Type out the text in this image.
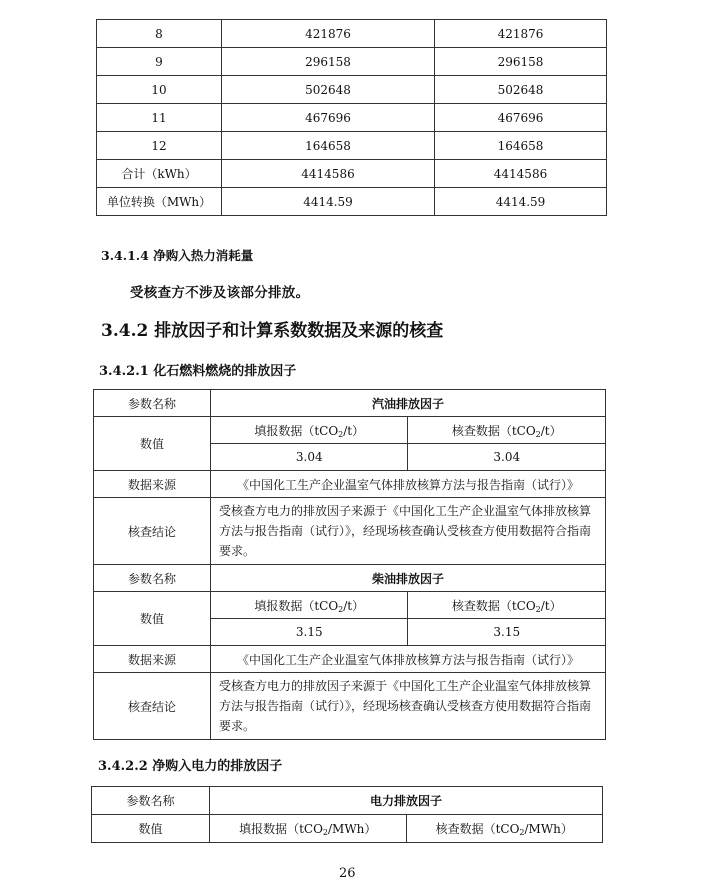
8	421876	421876
9	296158	296158
10	502648	502648
11	467696	467696
12	164658	164658
合计（kWh）	4414586	4414586
单位转换（MWh）	4414.59	4414.59
3.4.1.4 净购入热力消耗量
受核查方不涉及该部分排放。
3.4.2 排放因子和计算系数数据及来源的核查
3.4.2.1 化石燃料燃烧的排放因子
参数名称	汽油排放因子	
数值	填报数据（tCO$_2$/t）	核查数据（tCO$_2$/t）
	3.04	3.04
数据来源	《中国化工生产企业温室气体排放核算方法与报告指南（试行）》	
核查结论	受核查方电力的排放因子来源于《中国化工生产企业温室气体排放核算方法与报告指南（试行）》，经现场核查确认受核查方使用数据符合指南要求。	
参数名称	柴油排放因子	
数值	填报数据（tCO$_2$/t）	核查数据（tCO$_2$/t）
	3.15	3.15
数据来源	《中国化工生产企业温室气体排放核算方法与报告指南（试行）》	
核查结论	受核查方电力的排放因子来源于《中国化工生产企业温室气体排放核算方法与报告指南（试行）》，经现场核查确认受核查方使用数据符合指南要求。	
3.4.2.2 净购入电力的排放因子
参数名称	电力排放因子	
数值	填报数据（tCO$_2$/MWh）	核查数据（tCO$_2$/MWh）
26
